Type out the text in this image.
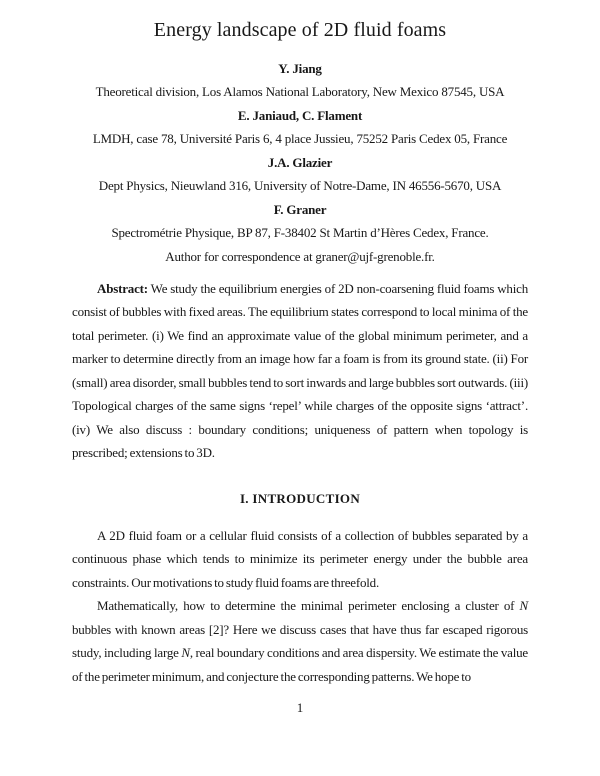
Energy landscape of 2D fluid foams
Y. Jiang
Theoretical division, Los Alamos National Laboratory, New Mexico 87545, USA
E. Janiaud, C. Flament
LMDH, case 78, Université Paris 6, 4 place Jussieu, 75252 Paris Cedex 05, France
J.A. Glazier
Dept Physics, Nieuwland 316, University of Notre-Dame, IN 46556-5670, USA
F. Graner
Spectrométrie Physique, BP 87, F-38402 St Martin d’Hères Cedex, France.
Author for correspondence at graner@ujf-grenoble.fr.

Abstract: We study the equilibrium energies of 2D non-coarsening fluid foams which consist of bubbles with fixed areas. The equilibrium states correspond to local minima of the total perimeter. (i) We find an approximate value of the global minimum perimeter, and a marker to determine directly from an image how far a foam is from its ground state. (ii) For (small) area disorder, small bubbles tend to sort inwards and large bubbles sort outwards. (iii) Topological charges of the same signs ‘repel’ while charges of the opposite signs ‘attract’. (iv) We also discuss : boundary conditions; uniqueness of pattern when topology is prescribed; extensions to 3D.

I. INTRODUCTION

A 2D fluid foam or a cellular fluid consists of a collection of bubbles separated by a continuous phase which tends to minimize its perimeter energy under the bubble area constraints. Our motivations to study fluid foams are threefold.

Mathematically, how to determine the minimal perimeter enclosing a cluster of N bubbles with known areas [2]? Here we discuss cases that have thus far escaped rigorous study, including large N, real boundary conditions and area dispersity. We estimate the value of the perimeter minimum, and conjecture the corresponding patterns. We hope to

1
